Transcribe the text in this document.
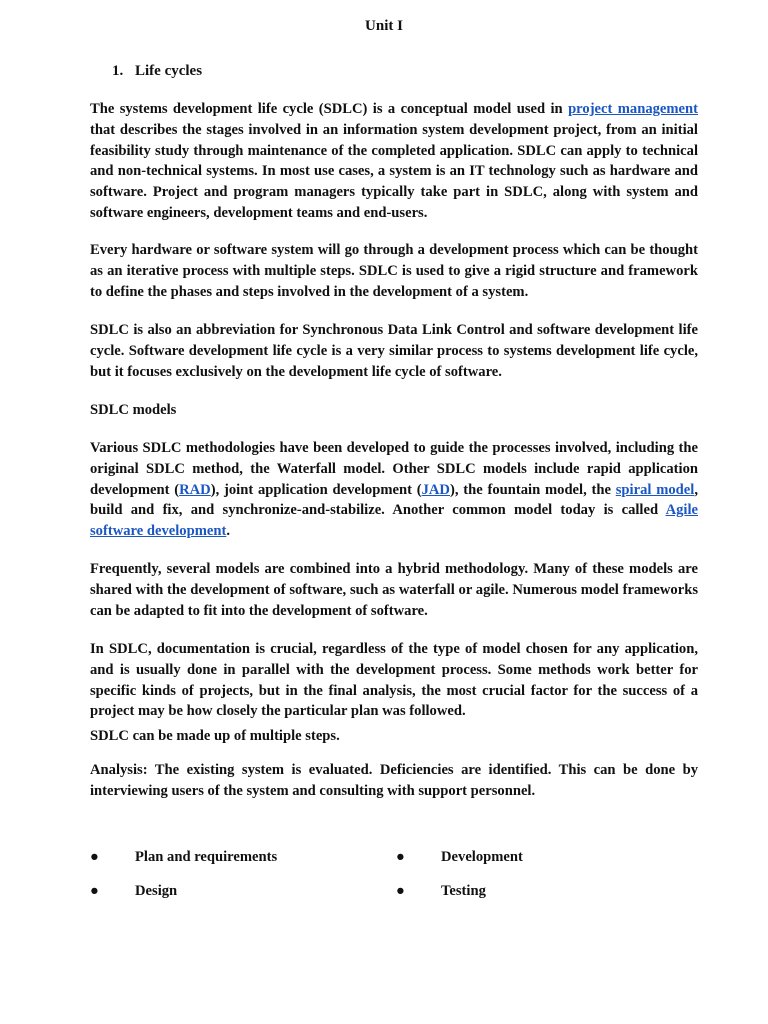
Unit I
1. Life cycles

The systems development life cycle (SDLC) is a conceptual model used in project management that describes the stages involved in an information system development project, from an initial feasibility study through maintenance of the completed application. SDLC can apply to technical and non-technical systems. In most use cases, a system is an IT technology such as hardware and software. Project and program managers typically take part in SDLC, along with system and software engineers, development teams and end-users.

Every hardware or software system will go through a development process which can be thought as an iterative process with multiple steps. SDLC is used to give a rigid structure and framework to define the phases and steps involved in the development of a system.

SDLC is also an abbreviation for Synchronous Data Link Control and software development life cycle. Software development life cycle is a very similar process to systems development life cycle, but it focuses exclusively on the development life cycle of software.

SDLC models

Various SDLC methodologies have been developed to guide the processes involved, including the original SDLC method, the Waterfall model. Other SDLC models include rapid application development (RAD), joint application development (JAD), the fountain model, the spiral model, build and fix, and synchronize-and-stabilize. Another common model today is called Agile software development.

Frequently, several models are combined into a hybrid methodology. Many of these models are shared with the development of software, such as waterfall or agile. Numerous model frameworks can be adapted to fit into the development of software.

In SDLC, documentation is crucial, regardless of the type of model chosen for any application, and is usually done in parallel with the development process. Some methods work better for specific kinds of projects, but in the final analysis, the most crucial factor for the success of a project may be how closely the particular plan was followed.

SDLC can be made up of multiple steps.

Analysis: The existing system is evaluated. Deficiencies are identified. This can be done by interviewing users of the system and consulting with support personnel.

● Plan and requirements	● Development
● Design	● Testing
